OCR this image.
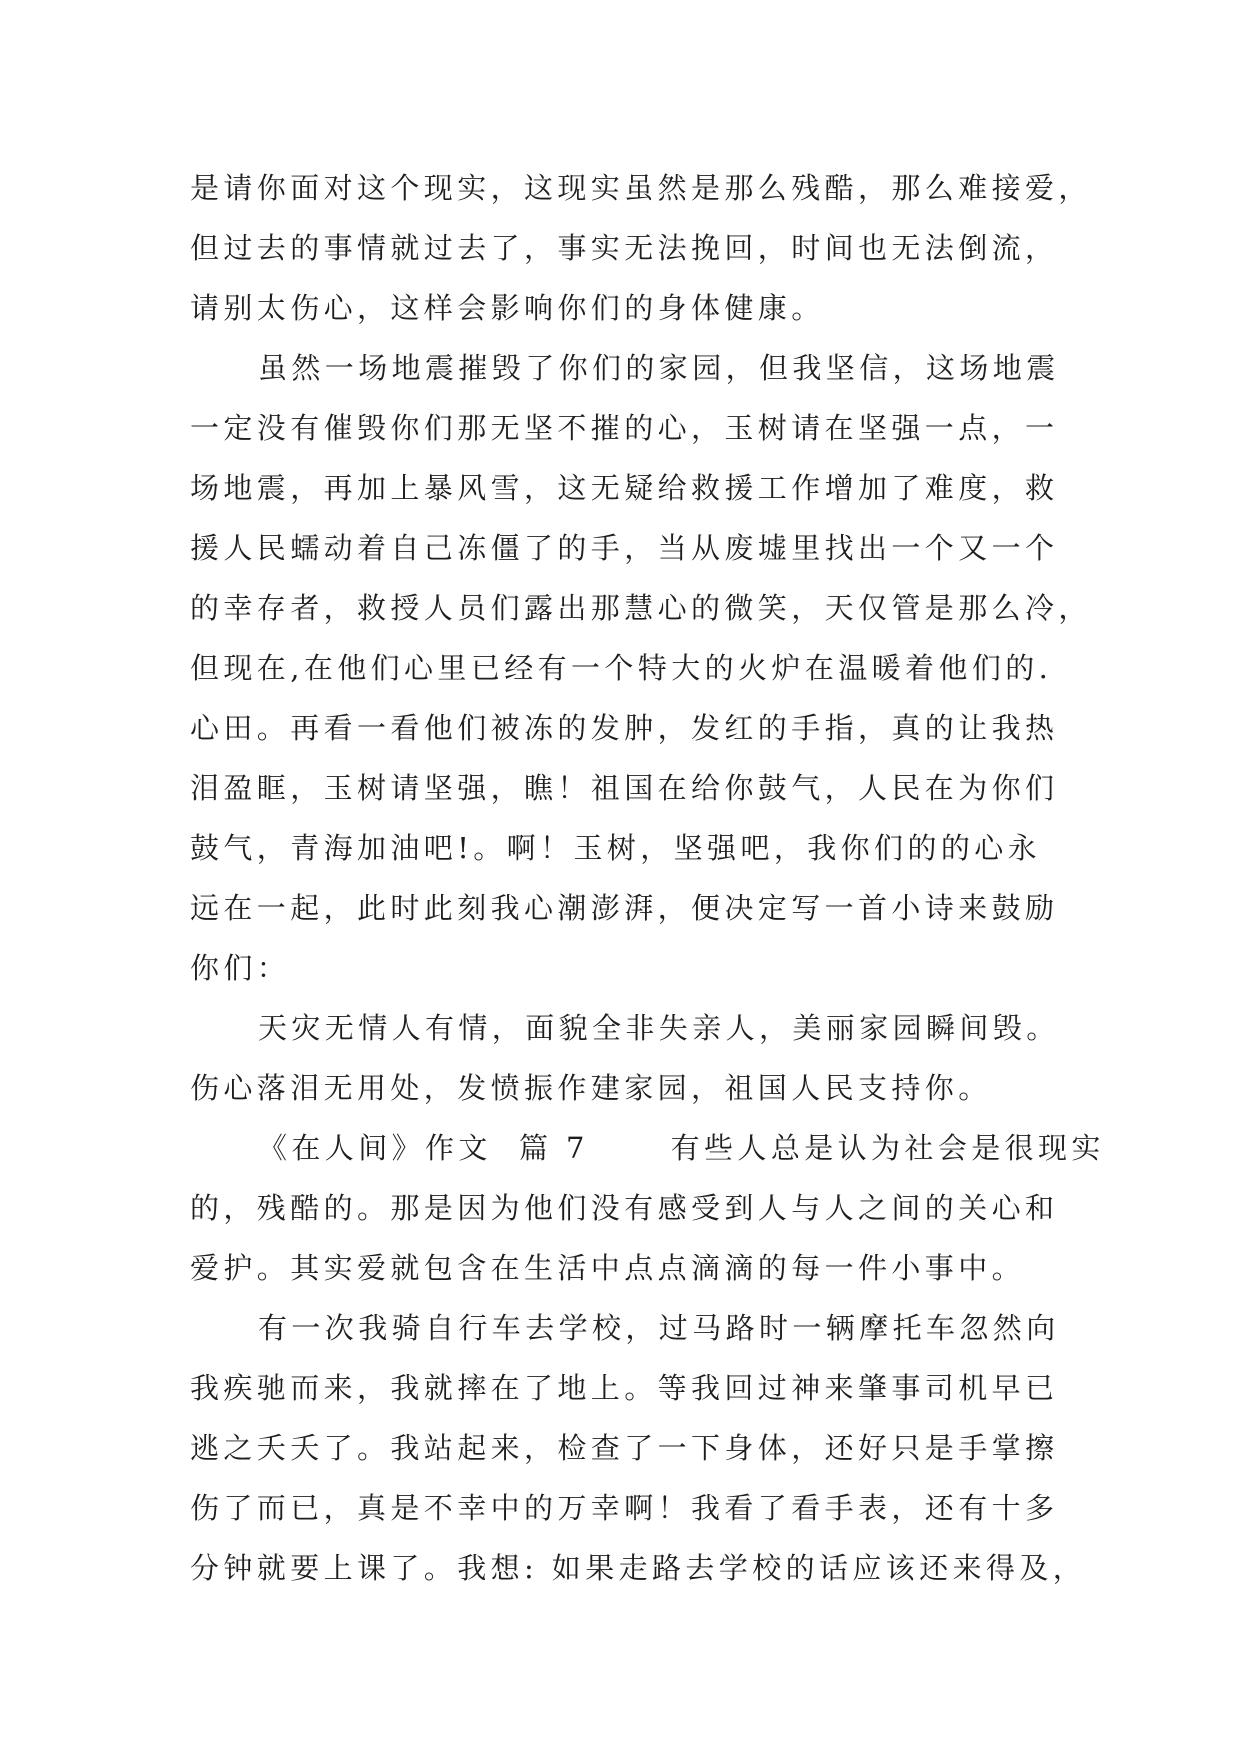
是请你面对这个现实，这现实虽然是那么残酷，那么难接爱，
但过去的事情就过去了，事实无法挽回，时间也无法倒流，
请别太伤心，这样会影响你们的身体健康。
虽然一场地震摧毁了你们的家园，但我坚信，这场地震
一定没有催毁你们那无坚不摧的心，玉树请在坚强一点，一
场地震，再加上暴风雪，这无疑给救援工作增加了难度，救
援人民蠕动着自己冻僵了的手，当从废墟里找出一个又一个
的幸存者，救授人员们露出那慧心的微笑，天仅管是那么冷，
但现在,在他们心里已经有一个特大的火炉在温暖着他们的.
心田。再看一看他们被冻的发肿，发红的手指，真的让我热
泪盈眶，玉树请坚强，瞧！祖国在给你鼓气，人民在为你们
鼓气，青海加油吧!。啊！玉树，坚强吧，我你们的的心永
远在一起，此时此刻我心潮澎湃，便决定写一首小诗来鼓励
你们：
天灾无情人有情，面貌全非失亲人，美丽家园瞬间毁。
伤心落泪无用处，发愤振作建家园，祖国人民支持你。
《在人间》作文  篇 7      有些人总是认为社会是很现实
的，残酷的。那是因为他们没有感受到人与人之间的关心和
爱护。其实爱就包含在生活中点点滴滴的每一件小事中。
有一次我骑自行车去学校，过马路时一辆摩托车忽然向
我疾驰而来，我就摔在了地上。等我回过神来肇事司机早已
逃之夭夭了。我站起来，检查了一下身体，还好只是手掌擦
伤了而已，真是不幸中的万幸啊！我看了看手表，还有十多
分钟就要上课了。我想: 如果走路去学校的话应该还来得及，
